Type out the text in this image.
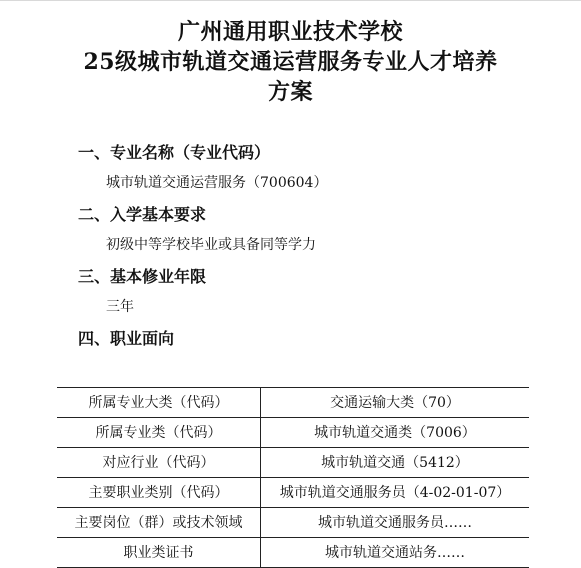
广州通用职业技术学校
25级城市轨道交通运营服务专业人才培养
方案
一、专业名称（专业代码）
城市轨道交通运营服务（700604）
二、入学基本要求
初级中等学校毕业或具备同等学力
三、基本修业年限
三年
四、职业面向
所属专业大类（代码）	交通运输大类（70）
所属专业类（代码）	城市轨道交通类（7006）
对应行业（代码）	城市轨道交通（5412）
主要职业类别（代码）	城市轨道交通服务员（4-02-01-07）
主要岗位（群）或技术领域	城市轨道交通服务员……
职业类证书	城市轨道交通站务……
